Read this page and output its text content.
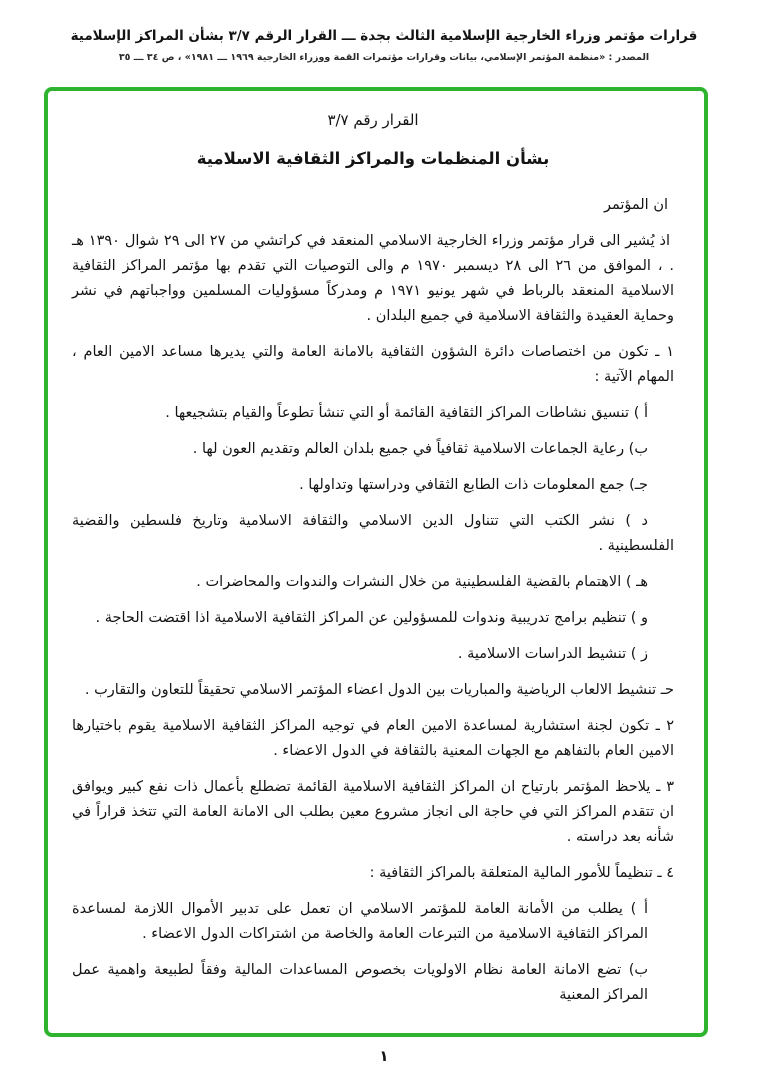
قرارات مؤتمر وزراء الخارجية الإسلامية الثالث بجدة ـــ القرار الرقم ٣/٧ بشأن المراكز الإسلامية
المصدر : «منظمة المؤتمر الإسلامي، بيانات وقرارات مؤتمرات القمة ووزراء الخارجية ١٩٦٩ ـــ ١٩٨١» ، ص ٣٤ ـــ ٣٥
القرار رقم ٣/٧
بشأن المنظمات والمراكز الثقافية الاسلامية

ان المؤتمر

اذ يُشير الى قرار مؤتمر وزراء الخارجية الاسلامي المنعقد في كراتشي من ٢٧ الى ٢٩ شوال ١٣٩٠ هـ . ، الموافق من ٢٦ الى ٢٨ ديسمبر ١٩٧٠ م والى التوصيات التي تقدم بها مؤتمر المراكز الثقافية الاسلامية المنعقد بالرباط في شهر يونيو ١٩٧١ م ومدركاً مسؤوليات المسلمين وواجباتهم في نشر وحماية العقيدة والثقافة الاسلامية في جميع البلدان .

١ ـ تكون من اختصاصات دائرة الشؤون الثقافية بالامانة العامة والتي يديرها مساعد الامين العام ، المهام الآتية :

أ ) تنسيق نشاطات المراكز الثقافية القائمة أو التي تنشأ تطوعاً والقيام بتشجيعها .

ب) رعاية الجماعات الاسلامية ثقافياً في جميع بلدان العالم وتقديم العون لها .

جـ) جمع المعلومات ذات الطابع الثقافي ودراستها وتداولها .

د ) نشر الكتب التي تتناول الدين الاسلامي والثقافة الاسلامية وتاريخ فلسطين والقضية الفلسطينية .

هـ ) الاهتمام بالقضية الفلسطينية من خلال النشرات والندوات والمحاضرات .

و ) تنظيم برامج تدريبية وندوات للمسؤولين عن المراكز الثقافية الاسلامية اذا اقتضت الحاجة .

ز ) تنشيط الدراسات الاسلامية .

حـ تنشيط الالعاب الرياضية والمباريات بين الدول اعضاء المؤتمر الاسلامي تحقيقاً للتعاون والتقارب .

٢ ـ تكون لجنة استشارية لمساعدة الامين العام في توجيه المراكز الثقافية الاسلامية يقوم باختيارها الامين العام بالتفاهم مع الجهات المعنية بالثقافة في الدول الاعضاء .

٣ ـ يلاحظ المؤتمر بارتياح ان المراكز الثقافية الاسلامية القائمة تضطلع بأعمال ذات نفع كبير ويوافق ان تتقدم المراكز التي في حاجة الى انجاز مشروع معين بطلب الى الامانة العامة التي تتخذ قراراً في شأنه بعد دراسته .

٤ ـ تنظيماً للأمور المالية المتعلقة بالمراكز الثقافية :

أ ) يطلب من الأمانة العامة للمؤتمر الاسلامي ان تعمل على تدبير الأموال اللازمة لمساعدة المراكز الثقافية الاسلامية من التبرعات العامة والخاصة من اشتراكات الدول الاعضاء .

ب) تضع الامانة العامة نظام الاولويات بخصوص المساعدات المالية وفقاً لطبيعة واهمية عمل المراكز المعنية

١
